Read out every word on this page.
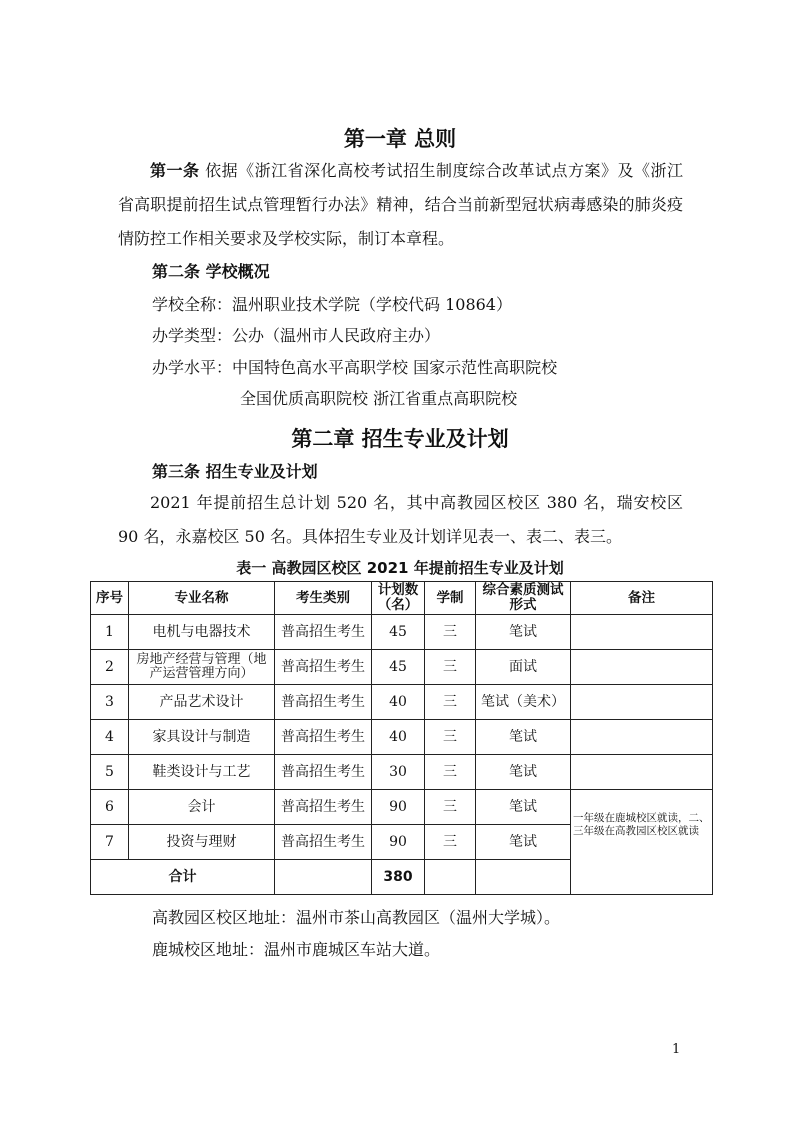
第一章 总则
第一条 依据《浙江省深化高校考试招生制度综合改革试点方案》及《浙江省高职提前招生试点管理暂行办法》精神，结合当前新型冠状病毒感染的肺炎疫情防控工作相关要求及学校实际，制订本章程。
第二条 学校概况
学校全称：温州职业技术学院（学校代码 10864）
办学类型：公办（温州市人民政府主办）
办学水平：中国特色高水平高职学校 国家示范性高职院校
全国优质高职院校 浙江省重点高职院校
第二章 招生专业及计划
第三条 招生专业及计划
2021 年提前招生总计划 520 名，其中高教园区校区 380 名，瑞安校区 90 名，永嘉校区 50 名。具体招生专业及计划详见表一、表二、表三。
表一 高教园区校区 2021 年提前招生专业及计划
序号	专业名称	考生类别	计划数（名）	学制	综合素质测试形式	备注
1	电机与电器技术	普高招生考生	45	三	笔试	
2	房地产经营与管理（地产运营管理方向）	普高招生考生	45	三	面试	
3	产品艺术设计	普高招生考生	40	三	笔试（美术）	
4	家具设计与制造	普高招生考生	40	三	笔试	
5	鞋类设计与工艺	普高招生考生	30	三	笔试	
6	会计	普高招生考生	90	三	笔试	一年级在鹿城校区就读，二、三年级在高教园区校区就读
7	投资与理财	普高招生考生	90	三	笔试	
合计			380			
高教园区校区地址：温州市茶山高教园区（温州大学城）。
鹿城校区地址：温州市鹿城区车站大道。
1
